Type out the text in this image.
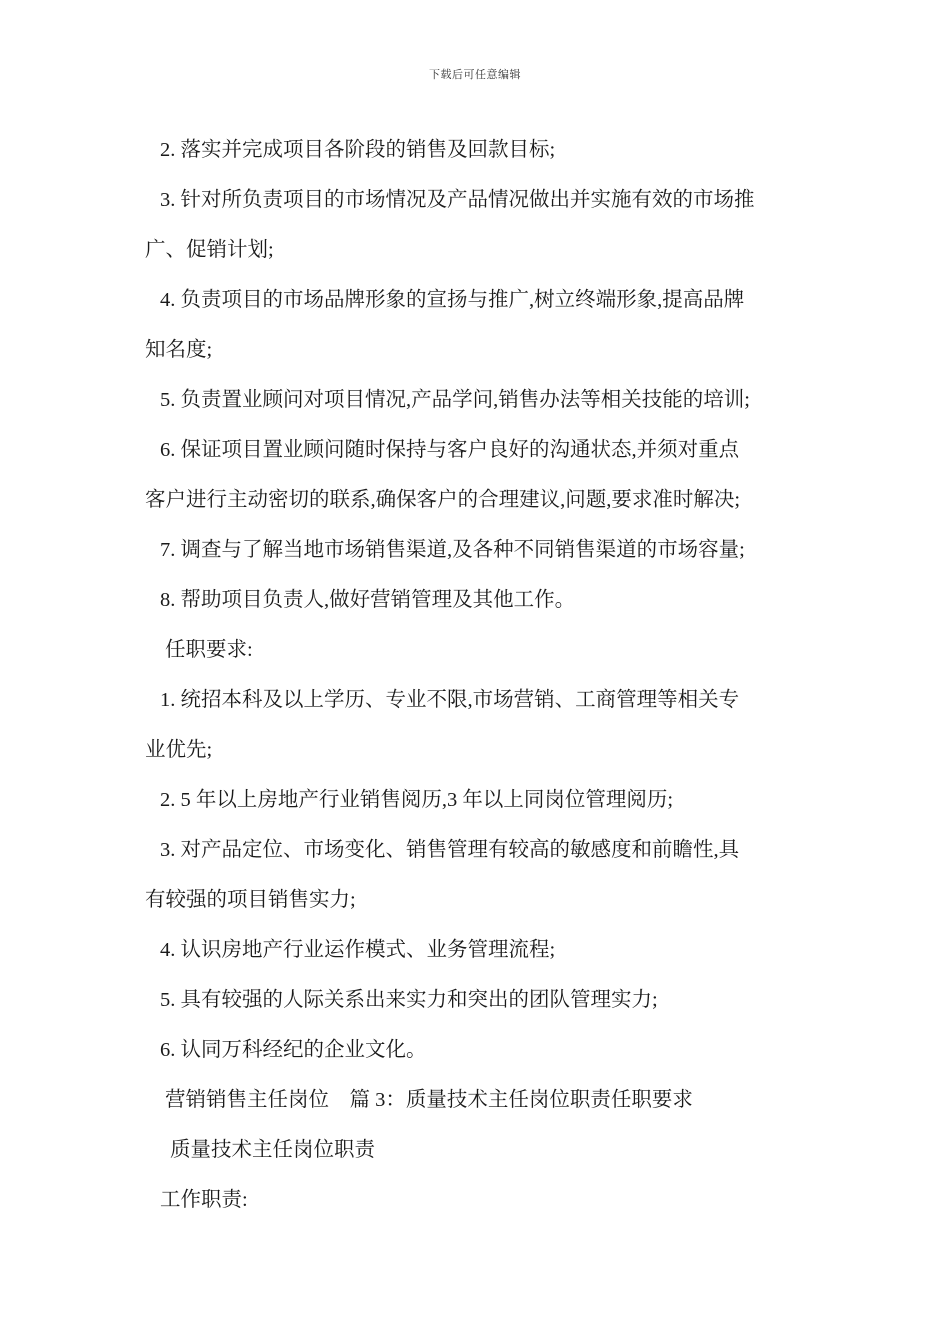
下载后可任意编辑
2. 落实并完成项目各阶段的销售及回款目标;
3. 针对所负责项目的市场情况及产品情况做出并实施有效的市场推
广、促销计划;
4. 负责项目的市场品牌形象的宣扬与推广,树立终端形象,提高品牌
知名度;
5. 负责置业顾问对项目情况,产品学问,销售办法等相关技能的培训;
6. 保证项目置业顾问随时保持与客户良好的沟通状态,并须对重点
客户进行主动密切的联系,确保客户的合理建议,问题,要求准时解决;
7. 调查与了解当地市场销售渠道,及各种不同销售渠道的市场容量;
8. 帮助项目负责人,做好营销管理及其他工作。
任职要求:
1. 统招本科及以上学历、专业不限,市场营销、工商管理等相关专
业优先;
2. 5 年以上房地产行业销售阅历,3 年以上同岗位管理阅历;
3. 对产品定位、市场变化、销售管理有较高的敏感度和前瞻性,具
有较强的项目销售实力;
4. 认识房地产行业运作模式、业务管理流程;
5. 具有较强的人际关系出来实力和突出的团队管理实力;
6. 认同万科经纪的企业文化。
营销销售主任岗位    篇 3：质量技术主任岗位职责任职要求
质量技术主任岗位职责
工作职责:
